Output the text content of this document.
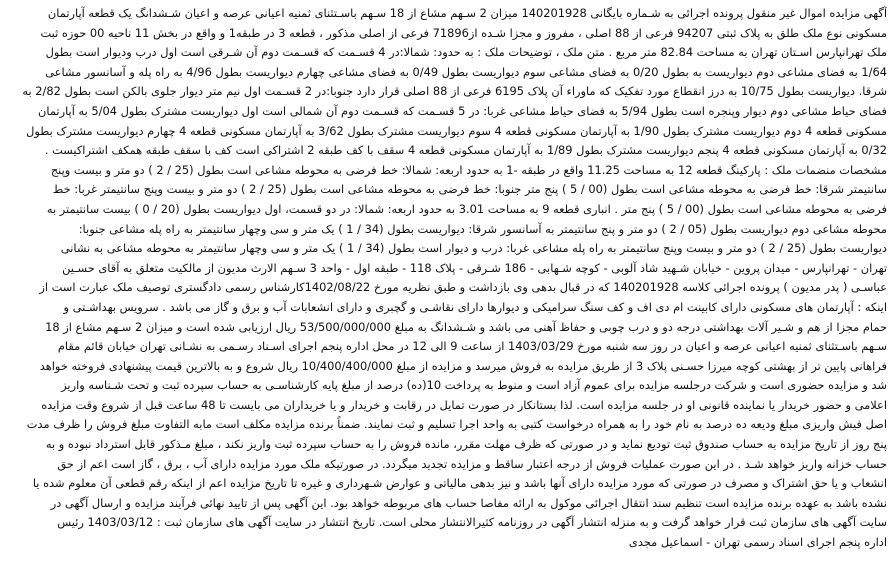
آگهی مزایده اموال غیر منقول پرونده اجرائی به شـماره بایگانی 140201928 میزان 2 سـهم مشاع از 18 سـهم باسـتثنای ثمنیه اعیانی عرصه و اعیان شـشدانگ یک قطعه آپارتمان
مسکونی نوع ملک طلق به پلاک ثبتی 94207 فرعی از 88 اصلی ، مفروز و مجزا شـده از71896 فرعی از اصلی مذکور ، قطعه 3 در طبقه1 و واقع در بخش 11 ناحیه 00 حوزه ثبت
ملک تهرانپارس اسـتان تهران به مساحت 82.84 متر مربع . متن ملک ، توضیحات ملک : به حدود: شمالا:در 4 قسـمت که قسـمت دوم آن شـرقی است اول درب ودیوار است بطول
1/64 به فضای مشاعی دوم دیواریست به بطول 0/20 به فضای مشاعی سوم دیواریست بطول 0/49 به فضای مشاعی چهارم دیواریست بطول 4/96 به راه پله و آسانسور مشاعی
شرقا. دیواریست بطول 10/75 به درز انقطاع مورد تفکیک که ماوراء آن پلاک 6195 فرعی از 88 اصلی قرار دارد جنوبا:در 2 قسـمت اول نیم متر دیوار جلوی بالکن است بطول 2/82 به
فضای حیاط مشاعی دوم دیوار وپنجره است بطول 5/94 به فضای حیاط مشاعی غربا: در 5 قسـمت که قسـمت دوم آن شمالی است اول دیواریست مشترک بطول 5/04 به آپارتمان
مسکونی قطعه 4 دوم دیواریست مشترک بطول 1/90 به آپارتمان مسکونی قطعه 4 سوم دیواریست مشترک بطول 3/62 به آپارتمان مسکونی قطعه 4 چهارم دیواریست مشترک بطول
0/32 به آپارتمان مسکونی قطعه 4 پنجم دیواریست مشترک بطول 1/89 به آپارتمان مسکونی قطعه 4 سقف با کف طبقه 2 اشتراکی است کف با سقف طبقه همکف اشتراکیست .
مشخصات منضمات ملک : پارکینگ قطعه 12 به مساحت 11.25 واقع در طبقه -1 به حدود اربعه: شمالا: خط فرضی به محوطه مشاعی است بطول (25 / 2 ) دو متر و بیست وپنج
سانتیمتر شرقا: خط فرضی به محوطه مشاعی است بطول (00 / 5 ) پنج متر جنوبا: خط فرضی به محوطه مشاعی است بطول (25 / 2 ) دو متر و بیست وپنج سانتیمتر غربا: خط
فرضی به محوطه مشاعی است بطول (00 / 5 ) پنج متر . انباری قطعه 9 به مساحت 3.01 به حدود اربعه: شمالا: در دو قسمت، اول دیواریست بطول (20 / 0 ) بیست سانتیمتر به
محوطه مشاعی دوم دیواریست بطول (05 / 2 ) دو متر و پنج سانتیمتر به آسانسور شرقا: دیواریست بطول (34 / 1 ) یک متر و سی وچهار سانتیمتر به راه پله مشاعی جنوبا:
دیواریست بطول (25 / 2 ) دو متر و بیست وپنج سانتیمتر به راه پله مشاعی غربا: درب و دیوار است بطول (34 / 1 ) یک متر و سی وچهار سانتیمتر به محوطه مشاعی به نشانی
تهران - تهرانپارس - میدان پروین - خیابان شـهید شاد آلوبی - کوچه شـهابی - 186 شـرقی - پلاک 118 - طبقه اول - واحد 3 سـهم الارث مدیون از مالکیت متعلق به آقای حسـین
عباسـی ( پدر مدیون ) پرونده اجرائی کلاسه 140201928 که در قبال بدهی وی بازداشت و طبق نظریه مورخ 1402/08/22کارشناس رسمی دادگستری توصیف ملک عبارت است از
اینکه : آپارتمان های مسکونی دارای کابینت ام دی اف و کف سنگ سرامیکی و دیوارها دارای نقاشـی و گچبری و دارای انشعابات آب و برق و گاز می باشد . سرویس بهداشـتی و
حمام مجزا از هم و شـیر آلات بهداشتی درجه دو و درب چوبی و حفاظ آهنی می باشد و شـشدانگ به مبلغ 53/500/000/000 ریال ارزیابی شده است و میزان 2 سـهم مشاع از 18
سـهم باسـتثنای ثمنیه اعیانی عرصه و اعیان در روز سه شنبه مورخ 1403/03/29 از ساعت 9 الی 12 در محل اداره پنجم اجرای اسـناد رسـمی به نشـانی تهران خیابان قائم مقام
فراهانی پایین تر از بهشتی کوچه میرزا حسـنی پلاک 3 از طریق مزایده به فروش میرسد و مزایده از مبلغ 10/400/400/000 ریال شروع و به بالاترین قیمت پیشنهادی فروخته خواهد
شد و مزایده حضوری است و شرکت درجلسه مزایده برای عموم آزاد است و منوط به پرداخت 10(ده) درصد از مبلغ پایه کارشناسـی به حساب سپرده ثبت و تحت شـناسه واریز
اعلامی و حضور خریدار یا نماینده قانونی او در جلسه مزایده است. لذا بستانکار در صورت تمایل در رقابت و خریدار و یا خریداران می بایست تا 48 ساعت قبل از شروع وقت مزایده
اصل فیش واریزی مبلغ ودیعه ده درصد به نام خود را به همراه درخواست کتبی به واحد اجرا تسلیم و ثبت نمایند. ضمناً برنده مزایده مکلف است مابه التفاوت مبلغ فروش را ظرف مدت
پنج روز از تاریخ مزایده به حساب صندوق ثبت تودیع نماید و در صورتی که ظرف مهلت مقرر، مانده فروش را به حساب سپرده ثبت واریز نکند ، مبلغ مـذکور قابل استرداد نبوده و به
حساب خزانه واریز خواهد شـد . در این صورت عملیات فروش از درجه اعتبار ساقط و مزایده تجدید میگردد. در صورتیکه ملک مورد مزایده دارای آب ، برق ، گاز است اعم از حق
انشعاب و یا حق اشتراک و مصرف در صورتی که مورد مزایده دارای آنها باشد و نیز بدهی مالیاتی و عوارض شـهرداری و غیره تا تاریخ مزایده اعم از اینکه رقم قطعی آن معلوم شده یا
نشده باشد به عهده برنده مزایده است تنظیم سند انتقال اجرائی موکول به ارائه مفاصا حساب های مربوطه خواهد بود. این آگهی پس از تایید نهائی فرآیند مزایده و ارسال آگهی در
سایت آگهی های سازمان ثبت قرار خواهد گرفت و به منزله انتشار آگهی در روزنامه کثیرالانتشار محلی است. تاریخ انتشار در سایت آگهی های سازمان ثبت : 1403/03/12 رئیس
اداره پنجم اجرای اسناد رسمی تهران - اسماعیل مجدی
